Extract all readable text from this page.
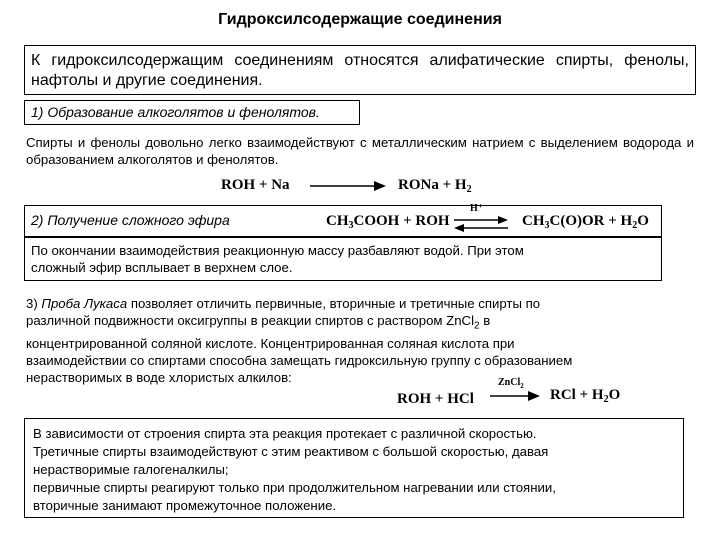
Гидроксилсодержащие соединения
К гидроксилсодержащим соединениям относятся алифатические спирты, фенолы, нафтолы и другие соединения.
1) Образование алкоголятов и фенолятов.
Спирты и фенолы довольно легко взаимодействуют с металлическим натрием с выделением водорода и образованием алкоголятов и фенолятов.
ROH + Na	RONa + $H_2$
2) Получение сложного эфира	$CH_3COOH$ + ROH
H⁺
$CH_3C(O)OR + H_2O$
По окончании взаимодействия реакционную массу разбавляют водой. При этом
сложный эфир всплывает в верхнем слое.
3) Проба Лукаса позволяет отличить первичные, вторичные и третичные спирты по
различной подвижности оксигруппы в реакции спиртов с раствором ZnCl$_2$ в
концентрированной соляной кислоте. Концентрированная соляная кислота при
взаимодействии со спиртами способна замещать гидроксильную группу с образованием
нерастворимых в воде хлористых алкилов:
ROH + HCl
ZnCl$_2$
RCl + $H_2O$
В зависимости от строения спирта эта реакция протекает с различной скоростью.
Третичные спирты взаимодействуют с этим реактивом с большой скоростью, давая
нерастворимые галогеналкилы;
первичные спирты реагируют только при продолжительном нагревании или стоянии,
вторичные занимают промежуточное положение.
